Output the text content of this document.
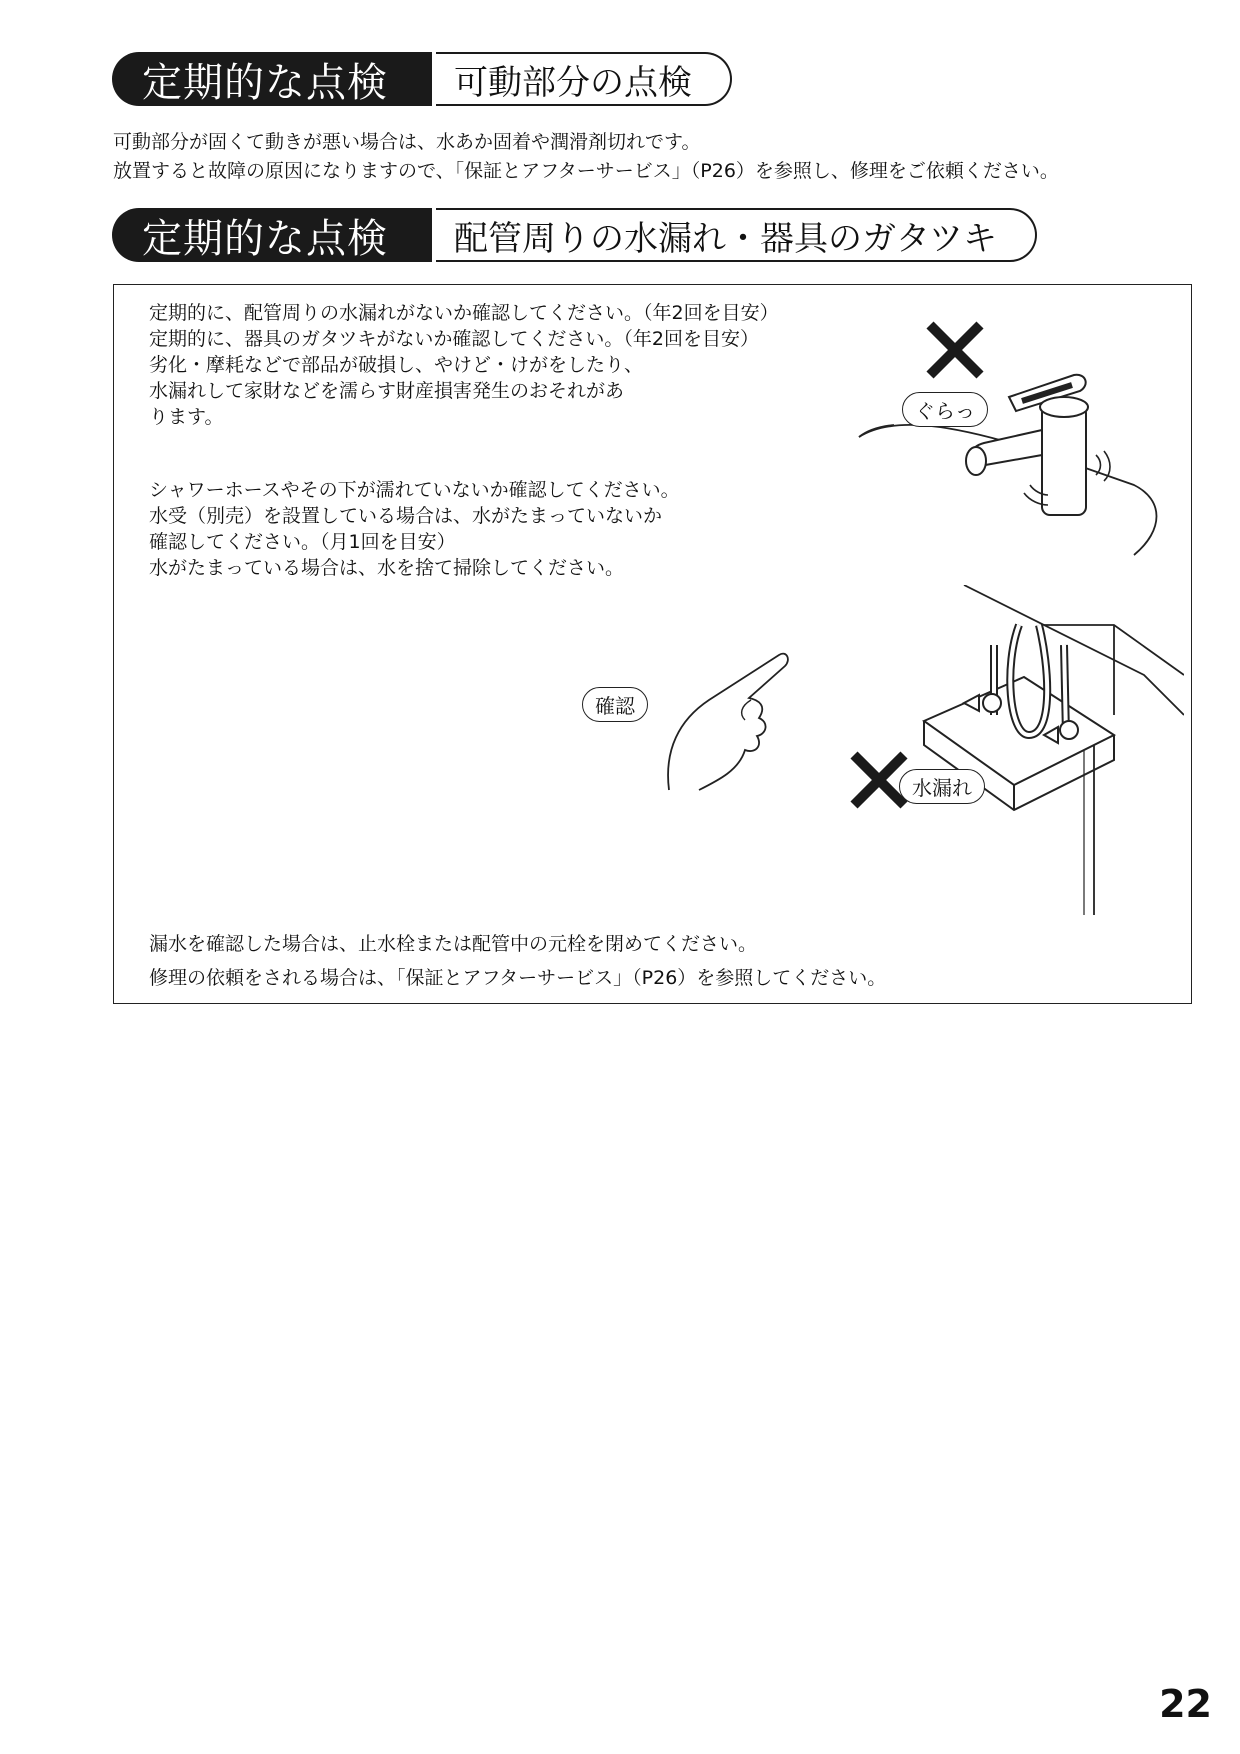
定期的な点検	可動部分の点検

可動部分が固くて動きが悪い場合は、水あか固着や潤滑剤切れです。

放置すると故障の原因になりますので、「保証とアフターサービス」（P26）を参照し、修理をご依頼ください。

定期的な点検	配管周りの水漏れ・器具のガタツキ

定期的に、配管周りの水漏れがないか確認してください。（年2回を目安）

定期的に、器具のガタツキがないか確認してください。（年2回を目安）

劣化・摩耗などで部品が破損し、やけど・けがをしたり、

水漏れして家財などを濡らす財産損害発生のおそれがあ

ります。

シャワーホースやその下が濡れていないか確認してください。

水受（別売）を設置している場合は、水がたまっていないか

確認してください。（月1回を目安）

水がたまっている場合は、水を捨て掃除してください。

漏水を確認した場合は、止水栓または配管中の元栓を閉めてください。

修理の依頼をされる場合は、「保証とアフターサービス」（P26）を参照してください。

ぐらっ
水漏れ
確認
22
